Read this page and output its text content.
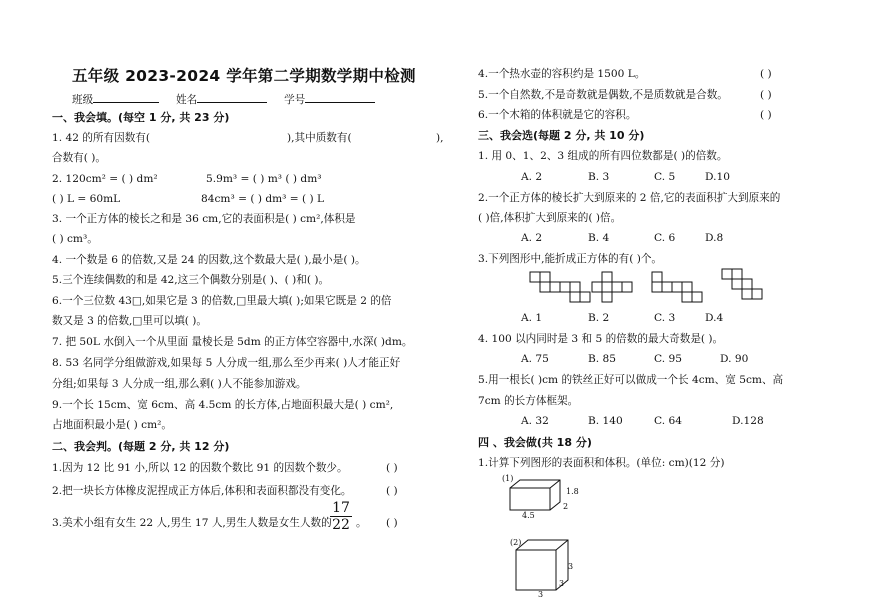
五年级 2023-2024 学年第二学期数学期中检测
班级	姓名	学号
一、我会填。(每空 1 分, 共 23 分)
1. 42 的所有因数有(	),其中质数有(	),
合数有( )。
2. 120cm² = ( ) dm²	5.9m³ = ( ) m³ ( ) dm³
( ) L = 60mL	84cm³ = ( ) dm³ = ( ) L
3. 一个正方体的棱长之和是 36 cm,它的表面积是( ) cm²,体积是
( ) cm³。
4. 一个数是 6 的倍数,又是 24 的因数,这个数最大是( ),最小是( )。
5.三个连续偶数的和是 42,这三个偶数分别是( )、( )和( )。
6.一个三位数 43□,如果它是 3 的倍数,□里最大填( );如果它既是 2 的倍
数又是 3 的倍数,□里可以填( )。
7. 把 50L 水倒入一个从里面 量棱长是 5dm 的正方体空容器中,水深( )dm。
8. 53 名同学分组做游戏,如果每 5 人分成一组,那么至少再来( )人才能正好
分组;如果每 3 人分成一组,那么剩( )人不能参加游戏。
9.一个长 15cm、宽 6cm、高 4.5cm 的长方体,占地面积最大是( ) cm²,
占地面积最小是( ) cm²。
二、我会判。(每题 2 分, 共 12 分)
1.因为 12 比 91 小,所以 12 的因数个数比 91 的因数个数少。	( )
2.把一块长方体橡皮泥捏成正方体后,体积和表面积都没有变化。	( )
3.美术小组有女生 22 人,男生 17 人,男生人数是女生人数的
$\frac{17}{22}$ 。 ( )
4.一个热水壶的容积约是 1500 L。	( )
5.一个自然数,不是奇数就是偶数,不是质数就是合数。	( )
6.一个木箱的体积就是它的容积。	( )
三、我会选(每题 2 分, 共 10 分)
1. 用 0、1、2、3 组成的所有四位数都是( )的倍数。
A. 2	B. 3	C. 5	D.10
2.一个正方体的棱长扩大到原来的 2 倍,它的表面积扩大到原来的
( )倍,体积扩大到原来的( )倍。
A. 2	B. 4	C. 6	D.8
3.下列图形中,能折成正方体的有( )个。
A. 1	B. 2	C. 3	D.4
4. 100 以内同时是 3 和 5 的倍数的最大奇数是( )。
A. 75	B. 85	C. 95	D. 90
5.用一根长( )cm 的铁丝正好可以做成一个长 4cm、宽 5cm、高
7cm 的长方体框架。
A. 32	B. 140	C. 64	D.128
四 、我会做(共 18 分)
1.计算下列图形的表面积和体积。(单位: cm)(12 分)
(1)
4.5
2
1.8
(2)
3
3
3
